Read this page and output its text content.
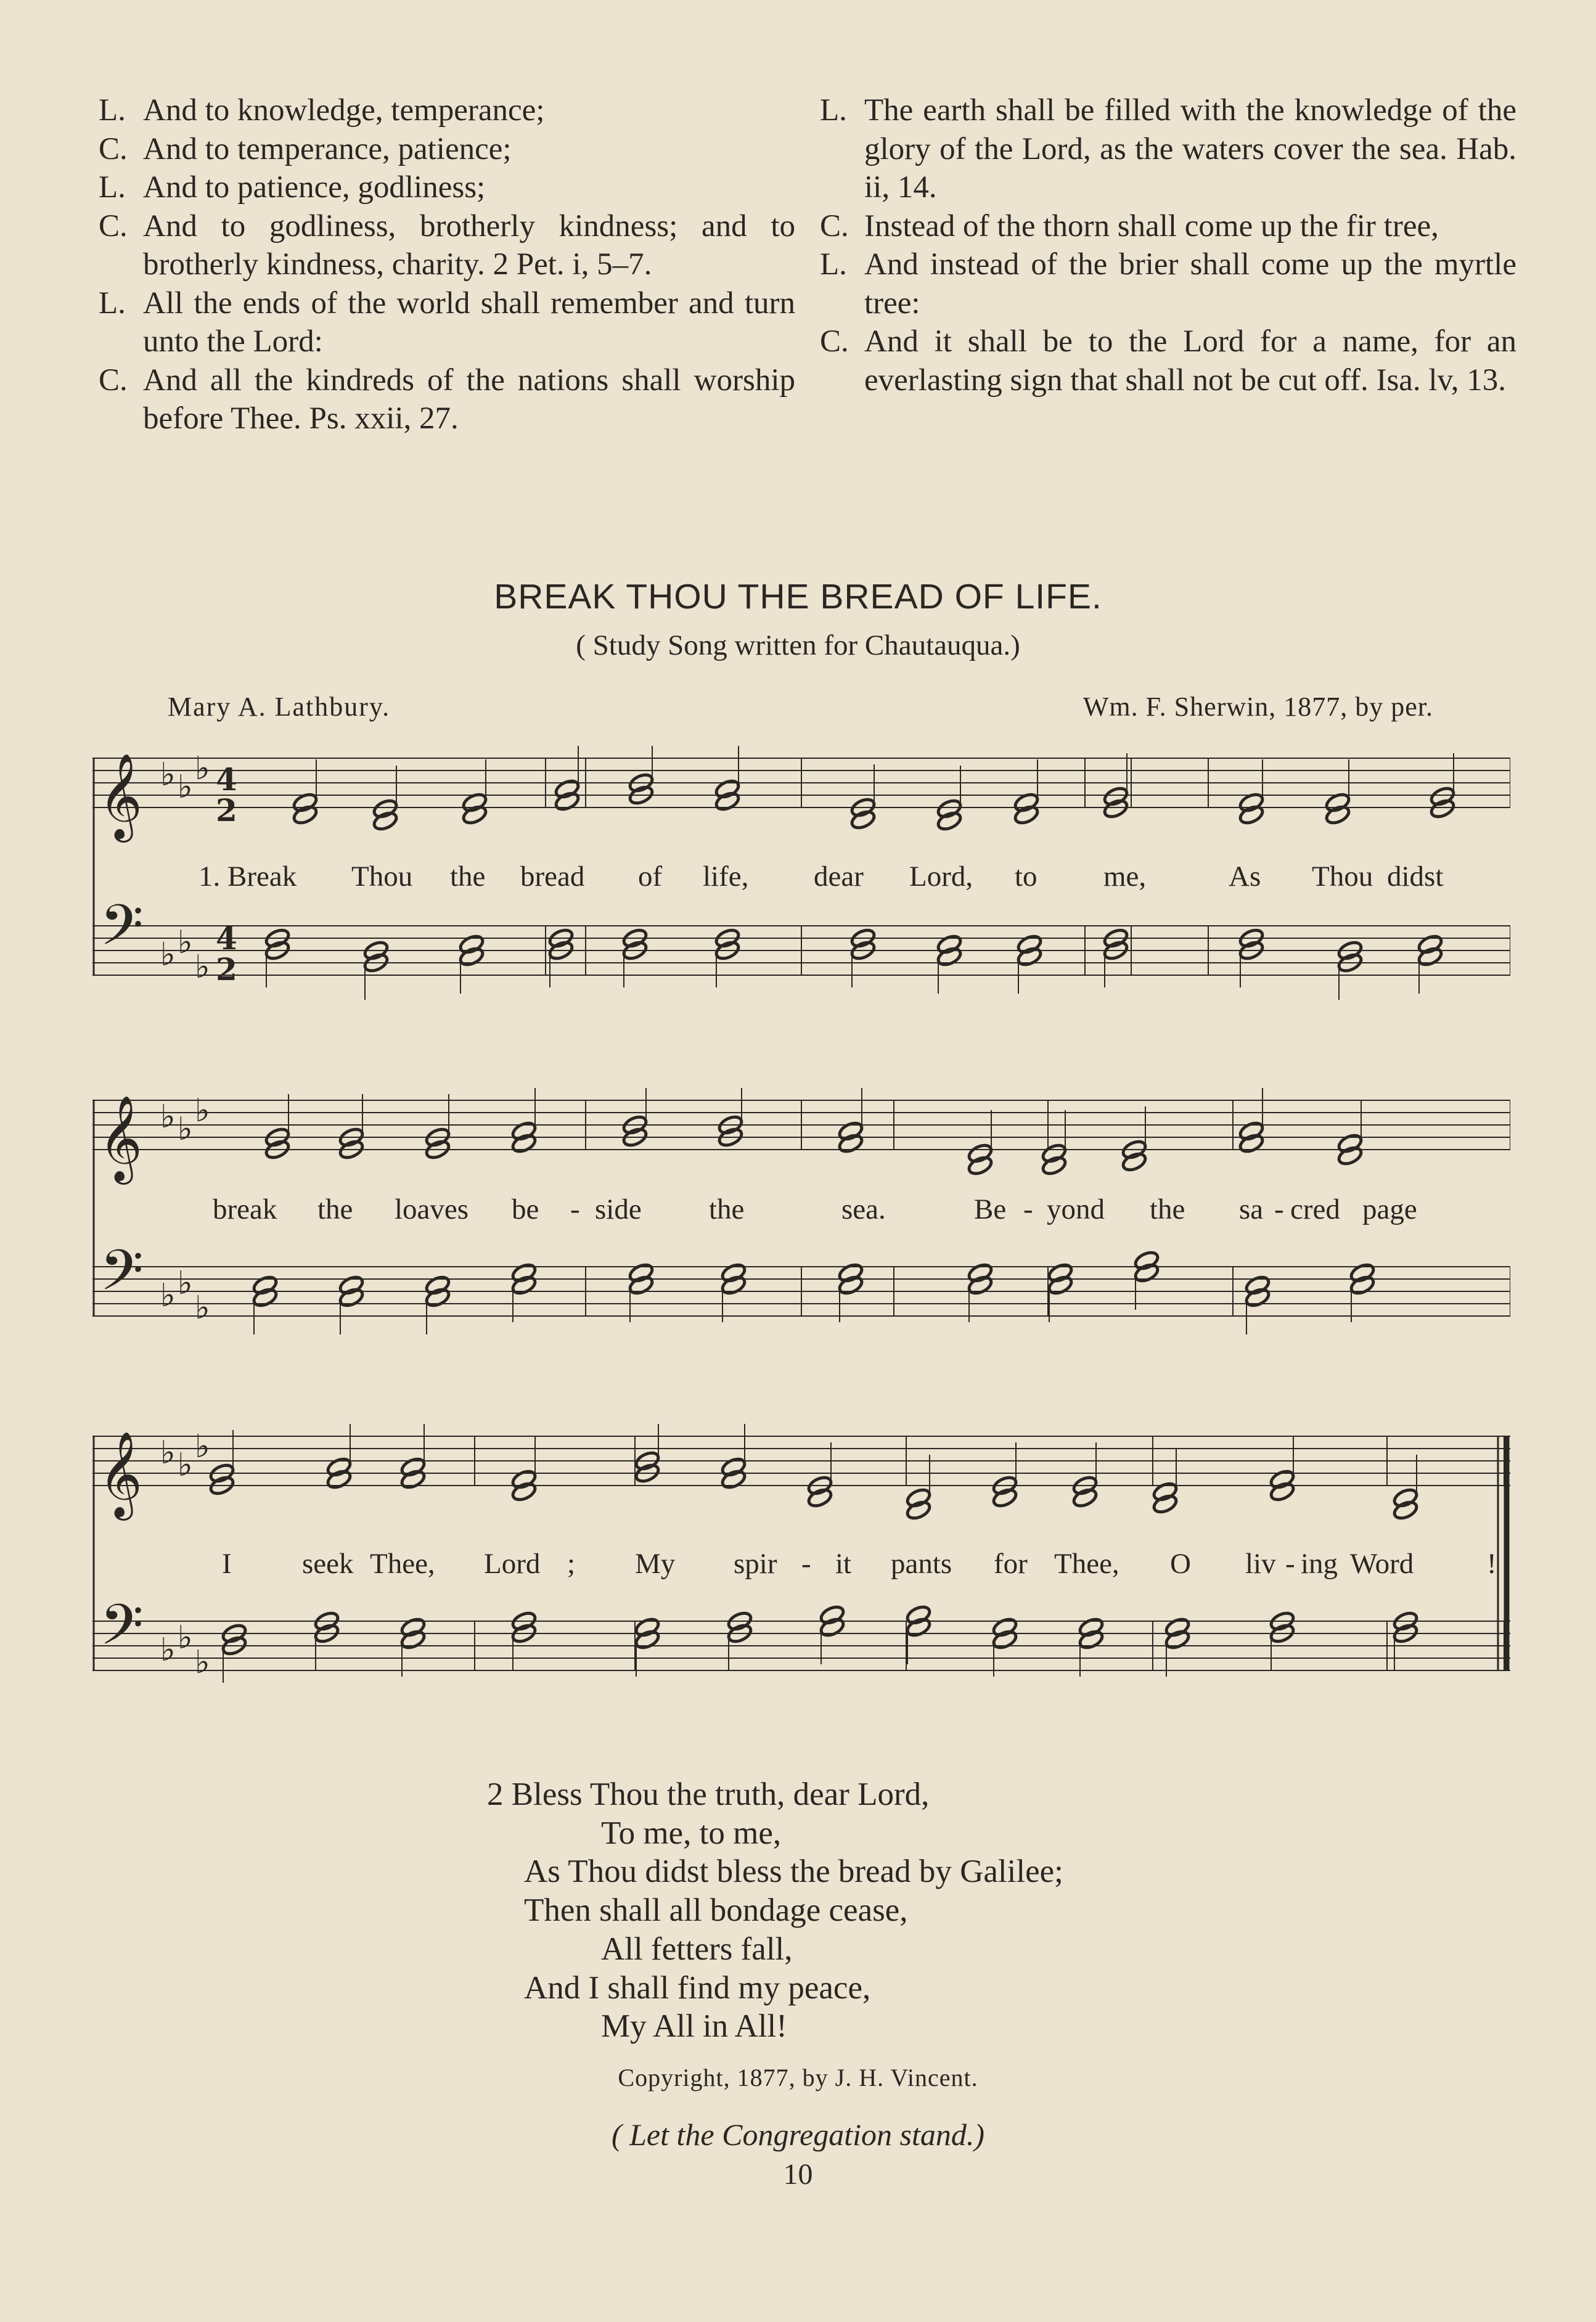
L. And to knowledge, temperance;
C. And to temperance, patience;
L. And to patience, godliness;
C. And to godliness, brotherly kindness; and to brotherly kindness, charity. 2 Pet. i, 5–7.
L. All the ends of the world shall remember and turn unto the Lord:
C. And all the kindreds of the nations shall worship before Thee. Ps. xxii, 27.
L. The earth shall be filled with the knowledge of the glory of the Lord, as the waters cover the sea. Hab. ii, 14.
C. Instead of the thorn shall come up the fir tree,
L. And instead of the brier shall come up the myrtle tree:
C. And it shall be to the Lord for a name, for an everlasting sign that shall not be cut off. Isa. lv, 13.
BREAK THOU THE BREAD OF LIFE.
( Study Song written for Chautauqua.)
Mary A. Lathbury.	Wm. F. Sherwin, 1877, by per.
𝄞
𝄢
♭ ♭ ♭
♭ ♭
♭
4
2
4
2
1. Break Thou the bread of life, dear Lord, to me,	As Thou didst
𝄞
𝄢
♭ ♭ ♭
♭ ♭
♭
break the loaves be - side the	sea.	Be - yond the sa - cred page
𝄞
𝄢
♭ ♭ ♭
♭ ♭
♭
I seek Thee, Lord ; My spir - it pants for Thee, O liv - ing Word	!
2 Bless Thou the truth, dear Lord,
To me, to me,
As Thou didst bless the bread by Galilee;
Then shall all bondage cease,
All fetters fall,
And I shall find my peace,
My All in All!
Copyright, 1877, by J. H. Vincent.
( Let the Congregation stand.)
10
